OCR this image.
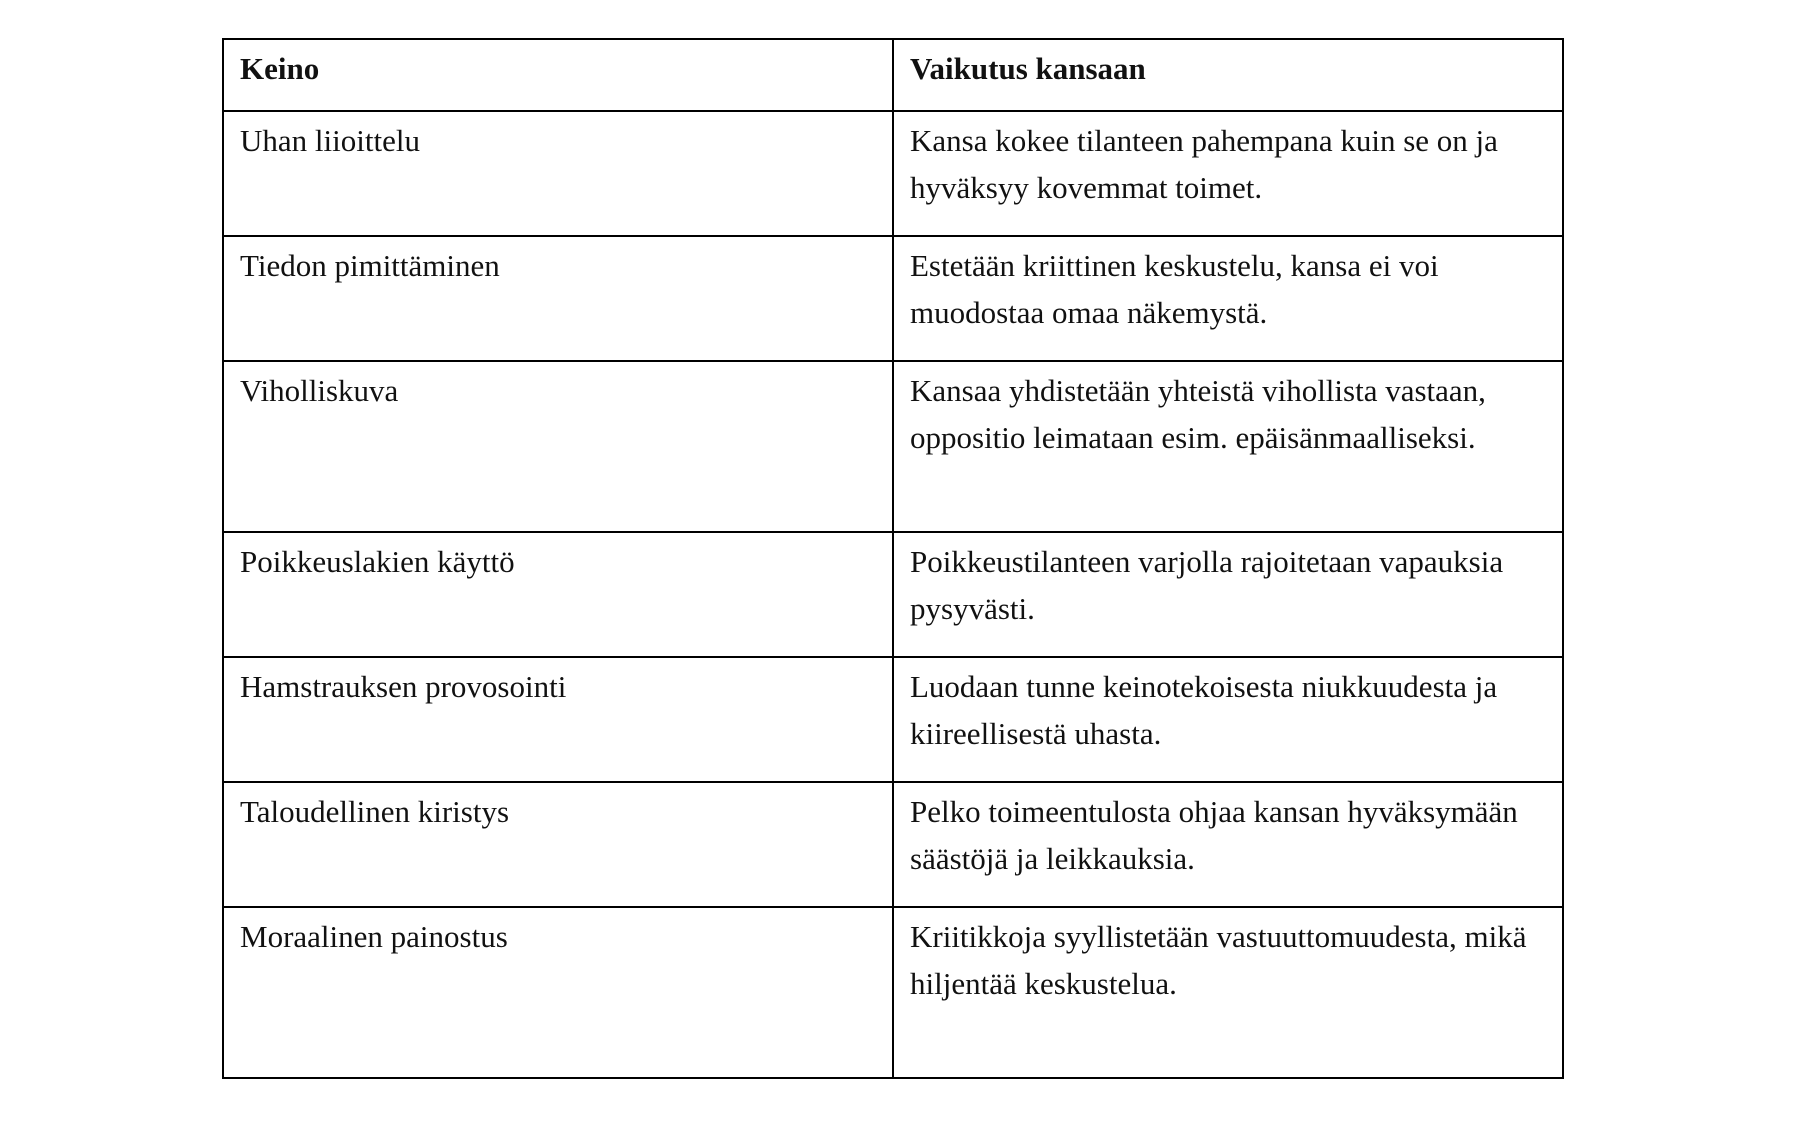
Keino	Vaikutus kansaan
Uhan liioittelu	Kansa kokee tilanteen pahempana kuin se on ja hyväksyy kovemmat toimet.
Tiedon pimittäminen	Estetään kriittinen keskustelu, kansa ei voi muodostaa omaa näkemystä.
Viholliskuva	Kansaa yhdistetään yhteistä vihollista vastaan, oppositio leimataan esim. epäisänmaalliseksi.
Poikkeuslakien käyttö	Poikkeustilanteen varjolla rajoitetaan vapauksia pysyvästi.
Hamstrauksen provosointi	Luodaan tunne keinotekoisesta niukkuudesta ja kiireellisestä uhasta.
Taloudellinen kiristys	Pelko toimeentulosta ohjaa kansan hyväksymään säästöjä ja leikkauksia.
Moraalinen painostus	Kriitikkoja syyllistetään vastuuttomuudesta, mikä hiljentää keskustelua.
